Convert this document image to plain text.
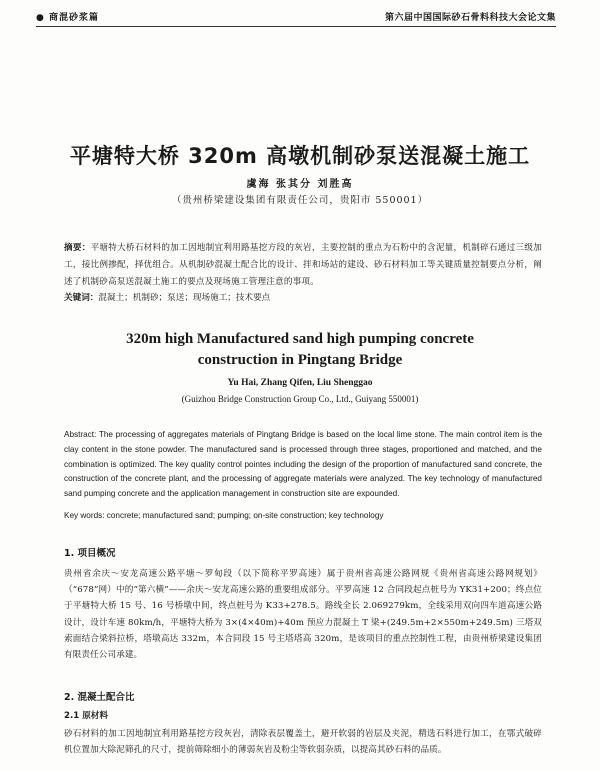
● 商混砂浆篇	第六届中国国际砂石骨料科技大会论文集
平塘特大桥 320m 高墩机制砂泵送混凝土施工
虞海 张其分 刘胜高
（贵州桥梁建设集团有限责任公司，贵阳市 550001）
摘要：平塘特大桥石材料的加工因地制宜利用路基挖方段的灰岩，主要控制的重点为石粉中的含泥量，机制碎石通过三级加工，接比例掺配，择优组合。从机制砂混凝土配合比的设计、拌和场站的建设、砂石材料加工等关键质量控制要点分析，阐述了机制砂高泵送混凝土施工的要点及现场施工管理注意的事项。
关键词：混凝土；机制砂；泵送；现场施工；技术要点
320m high Manufactured sand high pumping concrete
construction in Pingtang Bridge
Yu Hai, Zhang Qifen, Liu Shenggao
(Guizhou Bridge Construction Group Co., Ltd., Guiyang 550001)
Abstract: The processing of aggregates materials of Pingtang Bridge is based on the local lime stone. The main control item is the clay content in the stone powder. The manufactured sand is processed through three stages, proportioned and matched, and the combination is optimized. The key quality control pointes including the design of the proportion of manufactured sand concrete, the construction of the concrete plant, and the processing of aggregate materials were analyzed. The key technology of manufactured sand pumping concrete and the application management in construction site are expounded.
Key words: concrete; manufactured sand; pumping; on-site construction; key technology
1. 项目概况
贵州省余庆～安龙高速公路平塘～罗甸段（以下简称平罗高速）属于贵州省高速公路网规《贵州省高速公路网规划》（“678”网）中的“第六横”——余庆～安龙高速公路的重要组成部分。平罗高速 12 合同段起点桩号为 YK31+200；终点位于平塘特大桥 15 号、16 号桥墩中间，终点桩号为 K33+278.5。路线全长 2.069279km，全线采用双向四车道高速公路设计，设计车速 80km/h，平塘特大桥为 3×(4×40m)+40m 预应力混凝土 T 梁+(249.5m+2×550m+249.5m) 三塔双索面结合梁斜拉桥，塔墩高达 332m，本合同段 15 号主塔塔高 320m，是该项目的重点控制性工程，由贵州桥梁建设集团有限责任公司承建。
2. 混凝土配合比
2.1 原材料
砂石材料的加工因地制宜利用路基挖方段灰岩，清除表层覆盖土，避开软弱的岩层及夹泥，精选石料进行加工，在鄂式破碎机位置加大除泥筛孔的尺寸，提前筛除细小的薄弱灰岩及粉尘等软弱杂质，以提高其砂石料的品质。
